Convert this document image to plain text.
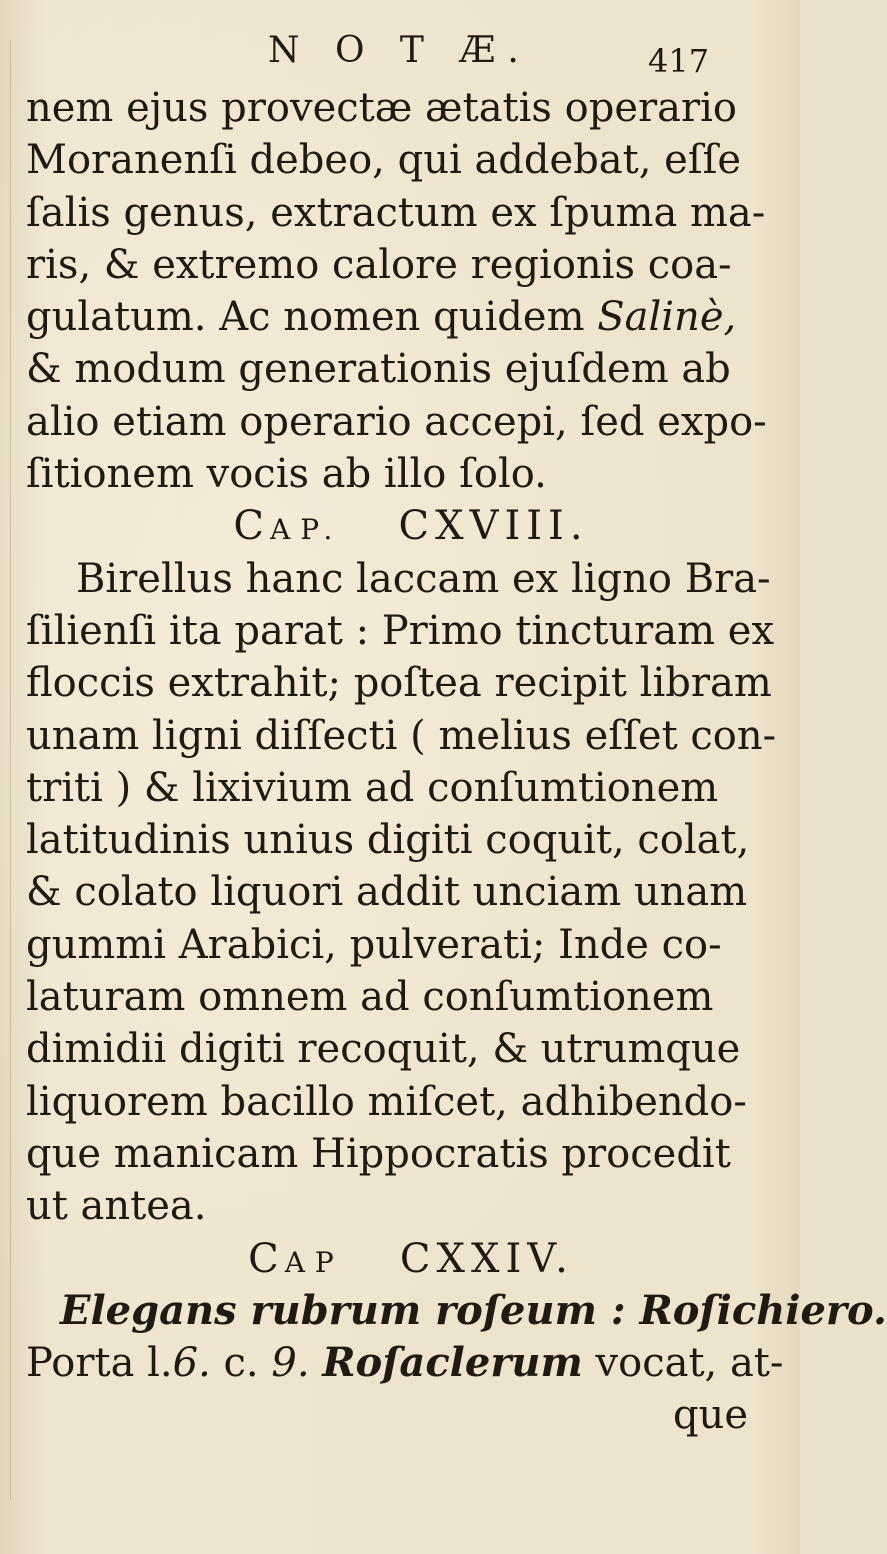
N O T Æ.	417
nem ejus provectæ ætatis operario
Moranenſi debeo, qui addebat, eſſe
ſalis genus, extractum ex ſpuma ma-
ris, & extremo calore regionis coa-
gulatum. Ac nomen quidem Salinè,
& modum generationis ejuſdem ab
alio etiam operario accepi, ſed expo-
ſitionem vocis ab illo ſolo.
CAP. CXVIII.
Birellus hanc laccam ex ligno Bra-
ſilienſi ita parat : Primo tincturam ex
floccis extrahit; poſtea recipit libram
unam ligni diſſecti ( melius eſſet con-
triti ) & lixivium ad conſumtionem
latitudinis unius digiti coquit, colat,
& colato liquori addit unciam unam
gummi Arabici, pulverati; Inde co-
laturam omnem ad conſumtionem
dimidii digiti recoquit, & utrumque
liquorem bacillo miſcet, adhibendo-
que manicam Hippocratis procedit
ut antea.
CAP CXXIV.
Elegans rubrum roſeum : Roſichiero.
Porta l.6. c. 9. Roſaclerum vocat, at-
que
